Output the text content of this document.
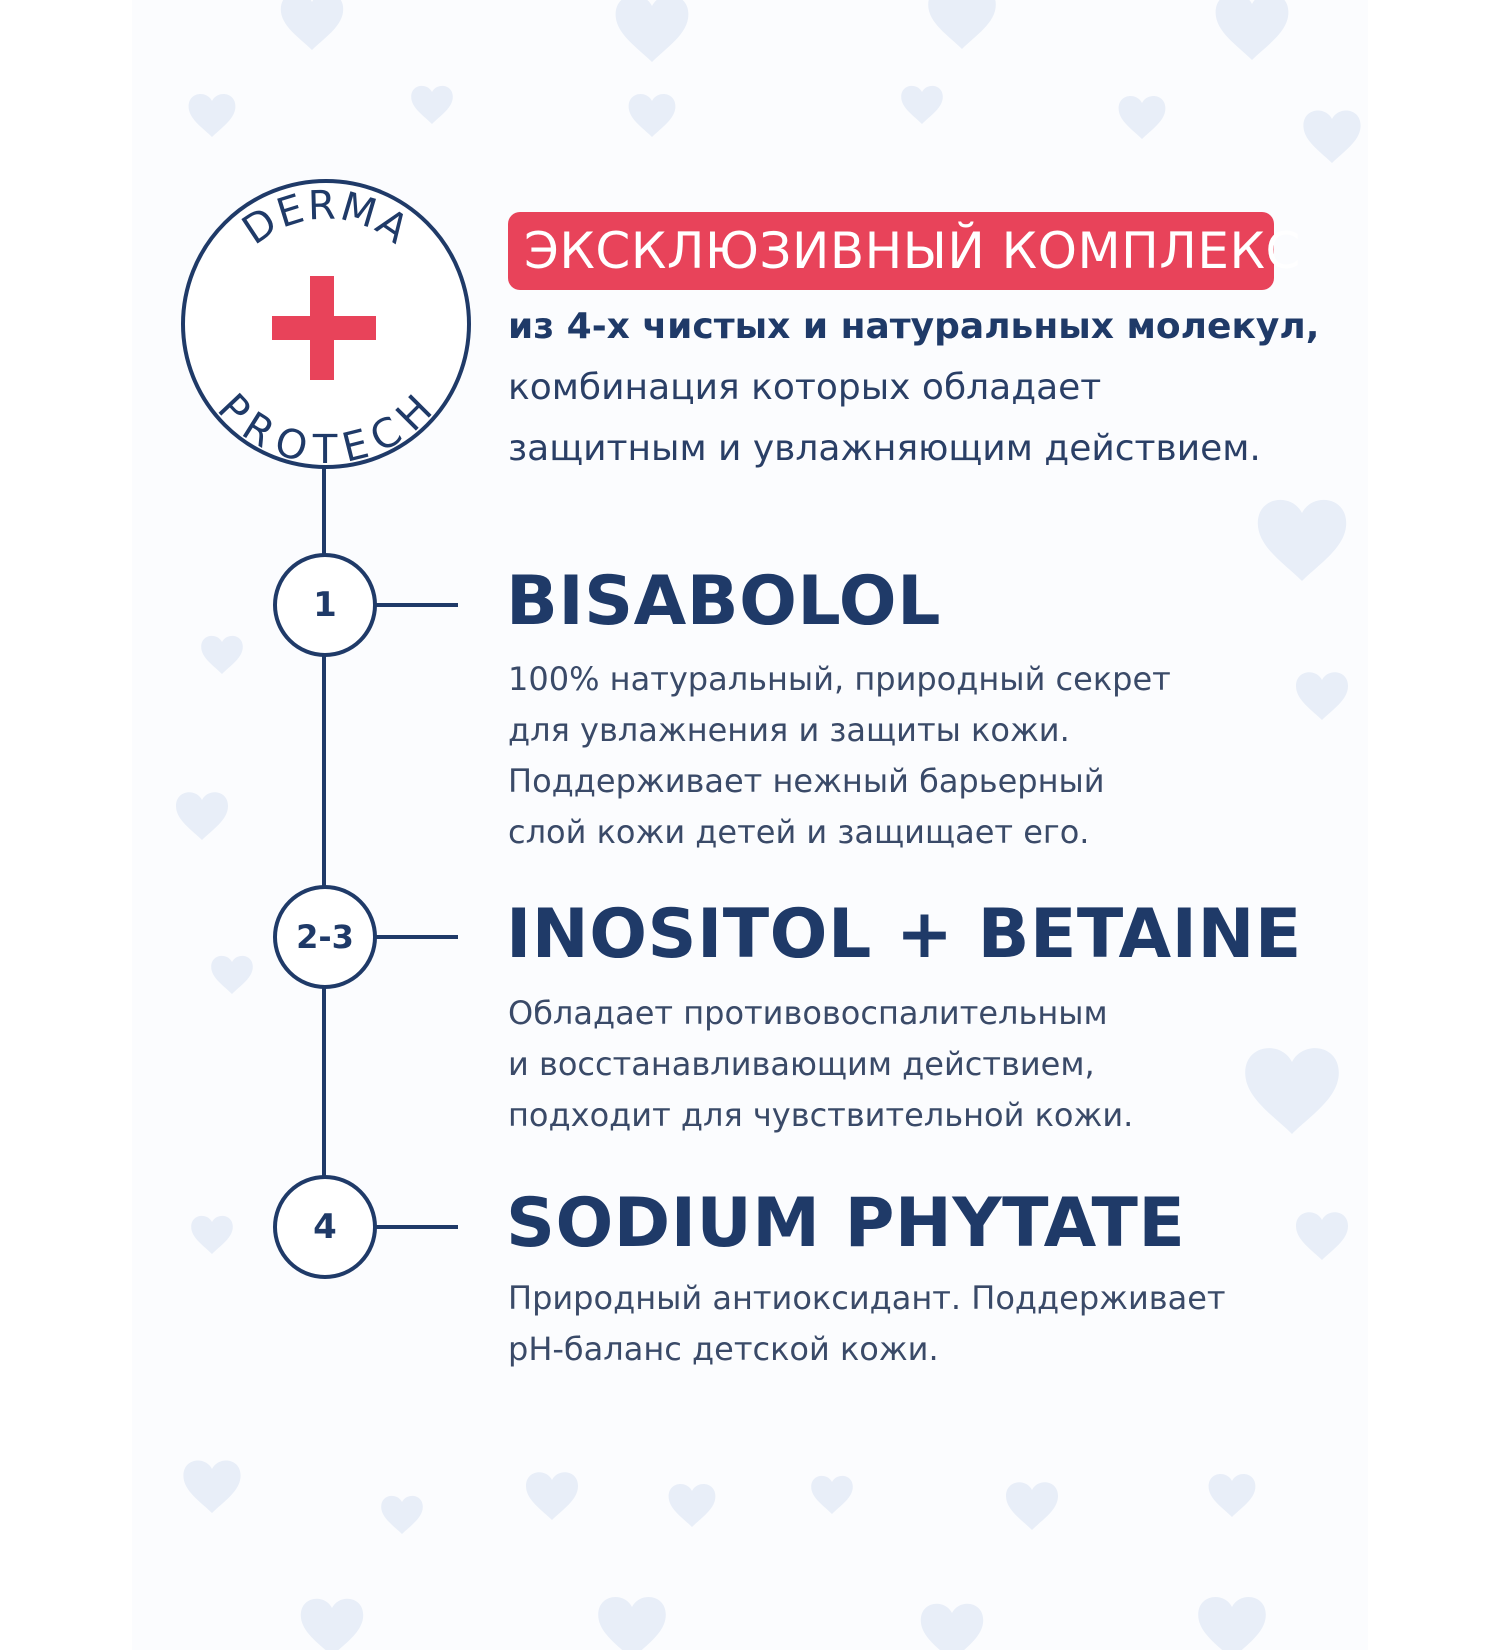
DERMA
PROTECH
1
2-3
4
ЭКСКЛЮЗИВНЫЙ КОМПЛЕКС
из 4-х чистых и натуральных молекул,
комбинация которых обладает
защитным и увлажняющим действием.
BISABOLOL
100% натуральный, природный секрет
для увлажнения и защиты кожи.
Поддерживает нежный барьерный
слой кожи детей и защищает его.
INOSITOL + BETAINE
Обладает противовоспалительным
и восстанавливающим действием,
подходит для чувствительной кожи.
SODIUM PHYTATE
Природный антиоксидант. Поддерживает
pH-баланс детской кожи.
